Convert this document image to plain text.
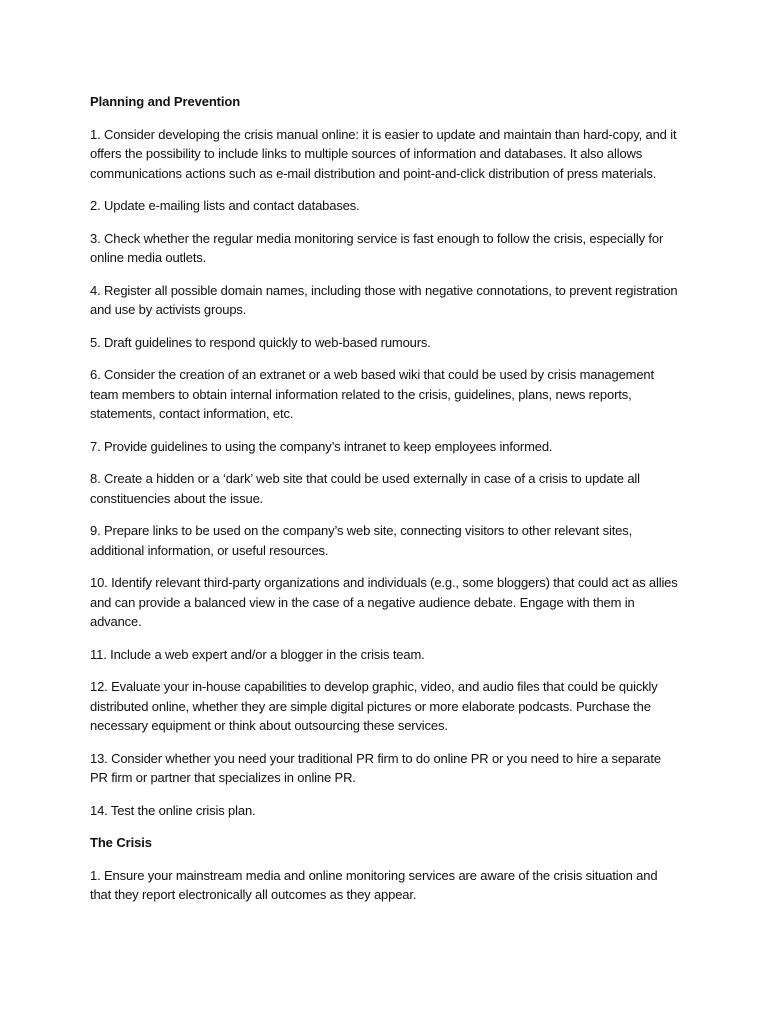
Planning and Prevention
1. Consider developing the crisis manual online: it is easier to update and maintain than hard-copy, and it offers the possibility to include links to multiple sources of information and databases. It also allows communications actions such as e-mail distribution and point-and-click distribution of press materials.
2. Update e-mailing lists and contact databases.
3. Check whether the regular media monitoring service is fast enough to follow the crisis, especially for online media outlets.
4. Register all possible domain names, including those with negative connotations, to prevent registration and use by activists groups.
5. Draft guidelines to respond quickly to web-based rumours.
6. Consider the creation of an extranet or a web based wiki that could be used by crisis management team members to obtain internal information related to the crisis, guidelines, plans, news reports, statements, contact information, etc.
7. Provide guidelines to using the company’s intranet to keep employees informed.
8. Create a hidden or a ‘dark’ web site that could be used externally in case of a crisis to update all constituencies about the issue.
9. Prepare links to be used on the company’s web site, connecting visitors to other relevant sites, additional information, or useful resources.
10. Identify relevant third-party organizations and individuals (e.g., some bloggers) that could act as allies and can provide a balanced view in the case of a negative audience debate. Engage with them in advance.
11. Include a web expert and/or a blogger in the crisis team.
12. Evaluate your in-house capabilities to develop graphic, video, and audio files that could be quickly distributed online, whether they are simple digital pictures or more elaborate podcasts. Purchase the necessary equipment or think about outsourcing these services.
13. Consider whether you need your traditional PR firm to do online PR or you need to hire a separate PR firm or partner that specializes in online PR.
14. Test the online crisis plan.
The Crisis
1. Ensure your mainstream media and online monitoring services are aware of the crisis situation and that they report electronically all outcomes as they appear.
